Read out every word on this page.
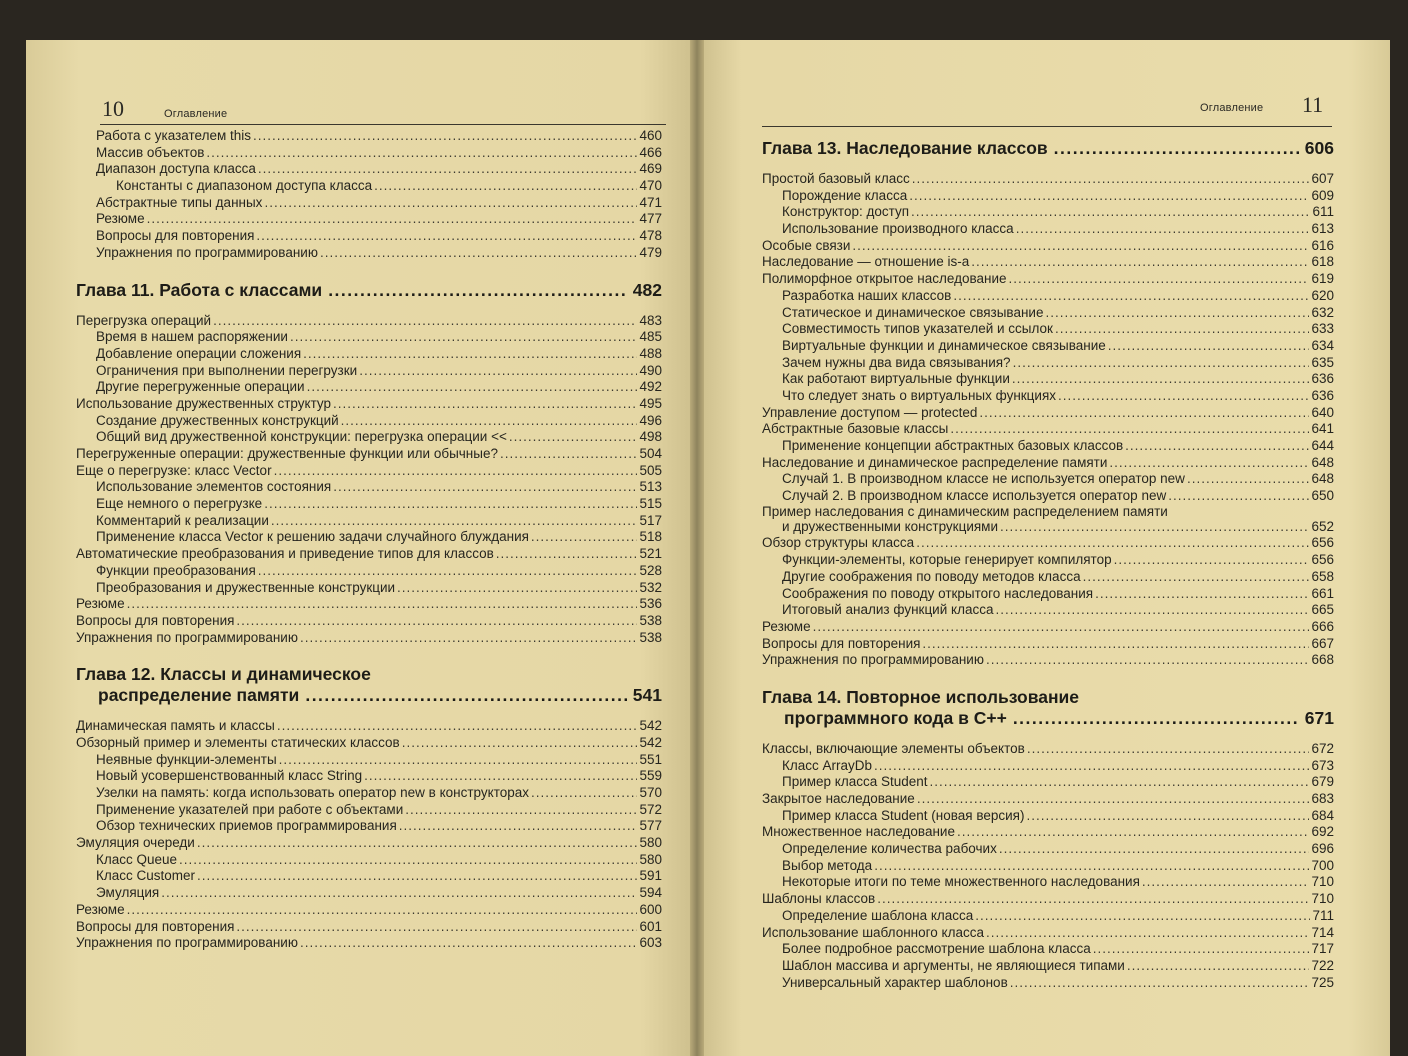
10	Оглавление	Оглавление 11
Работа с указателем this .....	460
Массив объектов .....	466
Диапазон доступа класса .....	469
Константы с диапазоном доступа класса .....	470
Абстрактные типы данных .....	471
Резюме .....	477
Вопросы для повторения .....	478
Упражнения по программированию .....	479
Глава 11. Работа с классами .....	482
Перегрузка операций .....	483
Время в нашем распоряжении .....	485
Добавление операции сложения .....	488
Ограничения при выполнении перегрузки .....	490
Другие перегруженные операции .....	492
Использование дружественных структур .....	495
Создание дружественных конструкций .....	496
Общий вид дружественной конструкции: перегрузка операции << .....	498
Перегруженные операции: дружественные функции или обычные? .....	504
Еще о перегрузке: класс Vector .....	505
Использование элементов состояния .....	513
Еще немного о перегрузке .....	515
Комментарий к реализации .....	517
Применение класса Vector к решению задачи случайного блуждания .....	518
Автоматические преобразования и приведение типов для классов .....	521
Функции преобразования .....	528
Преобразования и дружественные конструкции .....	532
Резюме .....	536
Вопросы для повторения .....	538
Упражнения по программированию .....	538
Глава 12. Классы и динамическое
распределение памяти .....	541
Динамическая память и классы .....	542
Обзорный пример и элементы статических классов .....	542
Неявные функции-элементы .....	551
Новый усовершенствованный класс String .....	559
Узелки на память: когда использовать оператор new в конструкторах .....	570
Применение указателей при работе с объектами .....	572
Обзор технических приемов программирования .....	577
Эмуляция очереди .....	580
Класс Queue .....	580
Класс Customer .....	591
Эмуляция .....	594
Резюме .....	600
Вопросы для повторения .....	601
Упражнения по программированию .....	603
Глава 13. Наследование классов .....	606
Простой базовый класс .....	607
Порождение класса .....	609
Конструктор: доступ .....	611
Использование производного класса .....	613
Особые связи .....	616
Наследование — отношение is-a .....	618
Полиморфное открытое наследование .....	619
Разработка наших классов .....	620
Статическое и динамическое связывание .....	632
Совместимость типов указателей и ссылок .....	633
Виртуальные функции и динамическое связывание .....	634
Зачем нужны два вида связывания? .....	635
Как работают виртуальные функции .....	636
Что следует знать о виртуальных функциях .....	636
Управление доступом — protected .....	640
Абстрактные базовые классы .....	641
Применение концепции абстрактных базовых классов .....	644
Наследование и динамическое распределение памяти .....	648
Случай 1. В производном классе не используется оператор new .....	648
Случай 2. В производном классе используется оператор new .....	650
Пример наследования с динамическим распределением памяти
и дружественными конструкциями .....	652
Обзор структуры класса .....	656
Функции-элементы, которые генерирует компилятор .....	656
Другие соображения по поводу методов класса .....	658
Соображения по поводу открытого наследования .....	661
Итоговый анализ функций класса .....	665
Резюме .....	666
Вопросы для повторения .....	667
Упражнения по программированию .....	668
Глава 14. Повторное использование
программного кода в C++ .....	671
Классы, включающие элементы объектов .....	672
Класс ArrayDb .....	673
Пример класса Student .....	679
Закрытое наследование .....	683
Пример класса Student (новая версия) .....	684
Множественное наследование .....	692
Определение количества рабочих .....	696
Выбор метода .....	700
Некоторые итоги по теме множественного наследования .....	710
Шаблоны классов .....	710
Определение шаблона класса .....	711
Использование шаблонного класса .....	714
Более подробное рассмотрение шаблона класса .....	717
Шаблон массива и аргументы, не являющиеся типами .....	722
Универсальный характер шаблонов .....	725
